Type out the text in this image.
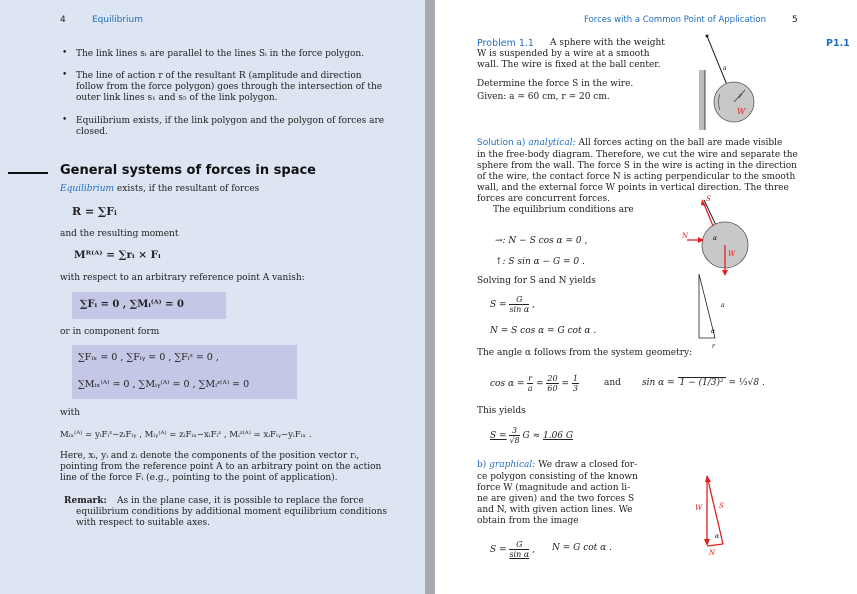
4	Equilibrium
• The link lines sᵢ are parallel to the lines Sᵢ in the force polygon.
• The line of action r of the resultant R (amplitude and direction
follow from the force polygon) goes through the intersection of the
outer link lines s₁ and s₅ of the link polygon.
• Equilibrium exists, if the link polygon and the polygon of forces are
closed.
General systems of forces in space
Equilibrium exists, if the resultant of forces
R = ∑Fᵢ
and the resulting moment
Mᴿ⁽ᴬ⁾ = ∑rᵢ × Fᵢ
with respect to an arbitrary reference point A vanish:
∑Fᵢ = 0 , ∑Mᵢ⁽ᴬ⁾ = 0
or in component form
∑Fᵢₓ = 0 , ∑Fᵢᵧ = 0 , ∑Fᵢᶻ = 0 ,
∑Mᵢₓ⁽ᴬ⁾ = 0 , ∑Mᵢᵧ⁽ᴬ⁾ = 0 , ∑Mᵢᶻ⁽ᴬ⁾ = 0
with
Mᵢₓ⁽ᴬ⁾ = yᵢFᵢᶻ−zᵢFᵢᵧ , Mᵢᵧ⁽ᴬ⁾ = zᵢFᵢₓ−xᵢFᵢᶻ , Mᵢᶻ⁽ᴬ⁾ = xᵢFᵢᵧ−yᵢFᵢₓ .
Here, xᵢ, yᵢ and zᵢ denote the components of the position vector rᵢ,
pointing from the reference point A to an arbitrary point on the action
line of the force Fᵢ (e.g., pointing to the point of application).
Remark: As in the plane case, it is possible to replace the force
equilibrium conditions by additional moment equilibrium conditions
with respect to suitable axes.
Forces with a Common Point of Application	5
Problem 1.1	P1.1
A sphere with the weight
W is suspended by a wire at a smooth
wall. The wire is fixed at the ball center.
Determine the force S in the wire.
Given: a = 60 cm, r = 20 cm.
a
r
W
Solution a) analytical: All forces acting on the ball are made visible
in the free-body diagram. Therefore, we cut the wire and separate the
sphere from the wall. The force S in the wire is acting in the direction
of the wire, the contact force N is acting perpendicular to the smooth
wall, and the external force W points in vertical direction. The three
forces are concurrent forces.
The equilibrium conditions are
→: N − S cos α = 0 ,
↑: S sin α − G = 0 .
Solving for S and N yields
$S = \frac{G}{\text{sin α}}$ ,
N = S cos α = G cot α .
S
N
W
α
a
α
r
The angle α follows from the system geometry:
$\cos \alpha = \frac{r}{a} = \frac{20}{60} = \frac{1}{3}$	and sin α = 1 − (1/3)² = ⅓√8 .
This yields
$S = \frac{3}{√8}$ G ≈ 1.06 G
b) graphical: We draw a closed for-
ce polygon consisting of the known
force W (magnitude and action li-
ne are given) and the two forces S
and N, with given action lines. We
obtain from the image
$S = \frac{G}{\text{sin α}}$ , N = G cot α .
W S
N
α
